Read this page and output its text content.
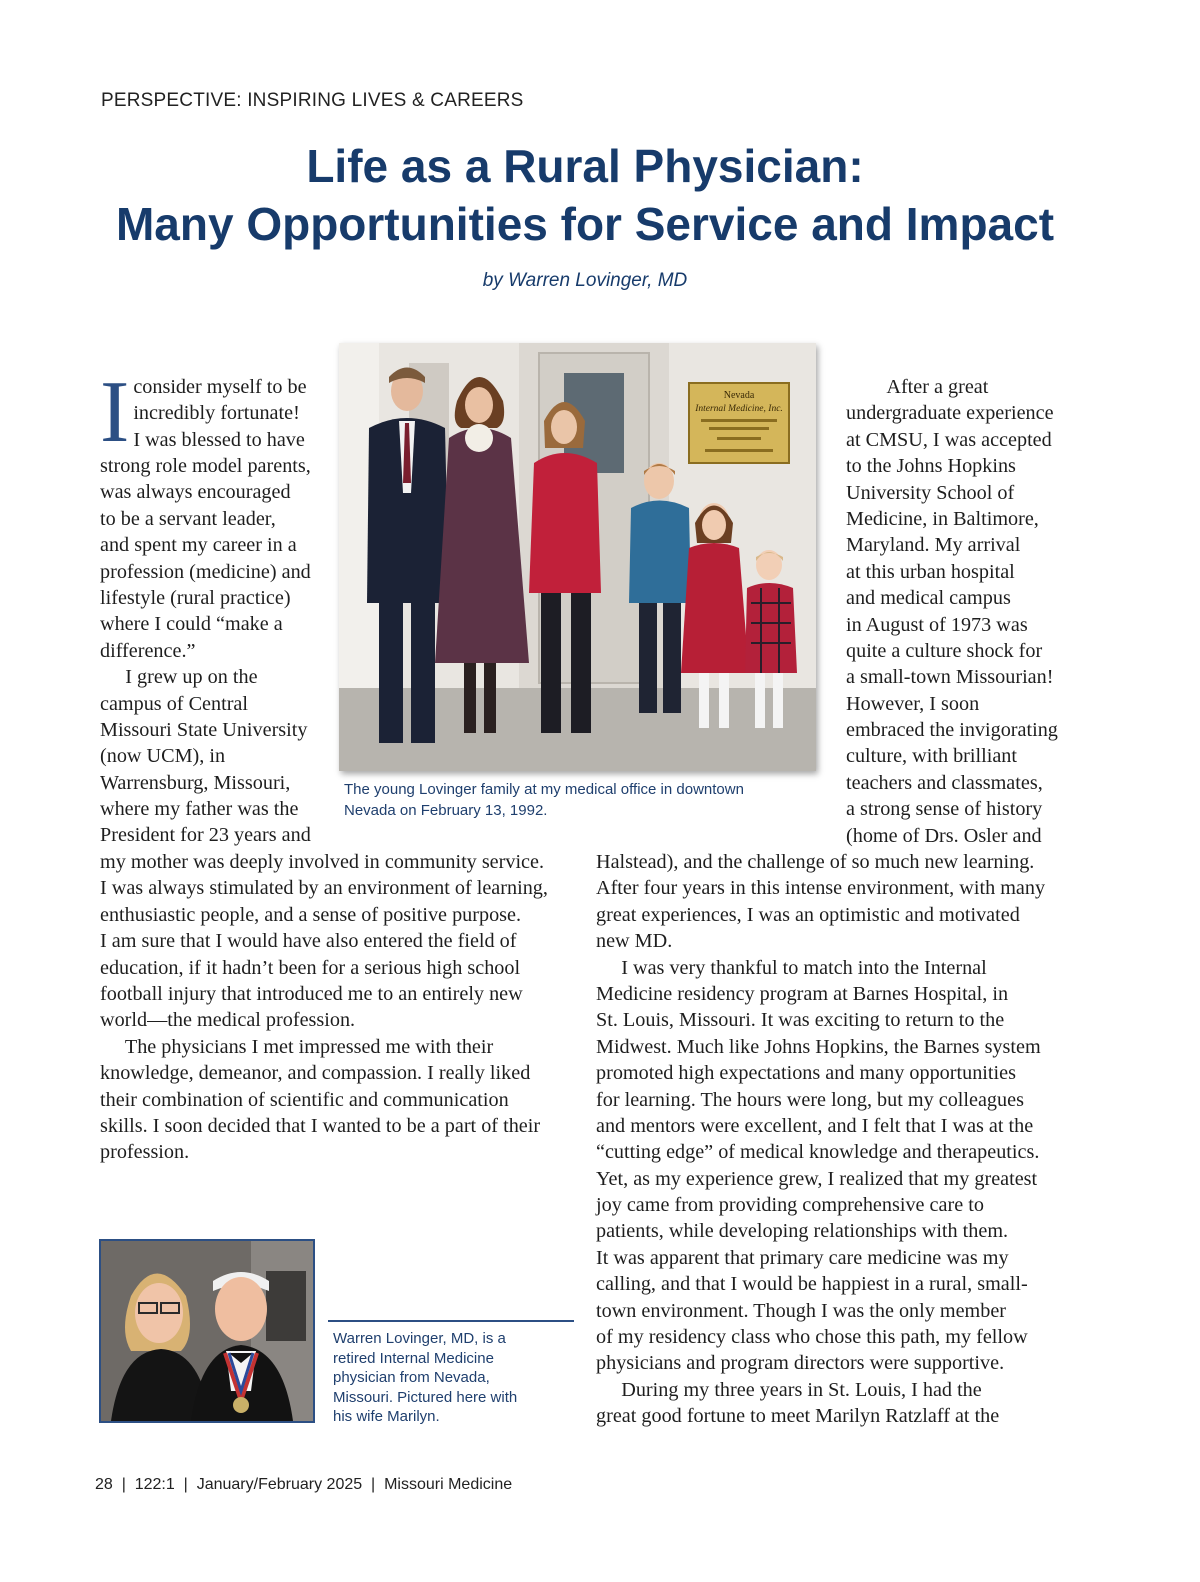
PERSPECTIVE: INSPIRING LIVES & CAREERS
Life as a Rural Physician:
Many Opportunities for Service and Impact
by Warren Lovinger, MD
I consider myself to be
incredibly fortunate!
I was blessed to have
strong role model parents,
was always encouraged
to be a servant leader,
and spent my career in a
profession (medicine) and
lifestyle (rural practice)
where I could “make a
difference.”
  I grew up on the
campus of Central
Missouri State University
(now UCM), in
Warrensburg, Missouri,
where my father was the
President for 23 years and
my mother was deeply involved in community service.
I was always stimulated by an environment of learning,
enthusiastic people, and a sense of positive purpose.
I am sure that I would have also entered the field of
education, if it hadn’t been for a serious high school
football injury that introduced me to an entirely new
world—the medical profession.
  The physicians I met impressed me with their
knowledge, demeanor, and compassion. I really liked
their combination of scientific and communication
skills. I soon decided that I wanted to be a part of their
profession.
  After a great
undergraduate experience
at CMSU, I was accepted
to the Johns Hopkins
University School of
Medicine, in Baltimore,
Maryland. My arrival
at this urban hospital
and medical campus
in August of 1973 was
quite a culture shock for
a small-town Missourian!
However, I soon
embraced the invigorating
culture, with brilliant
teachers and classmates,
a strong sense of history
(home of Drs. Osler and
Halstead), and the challenge of so much new learning.
After four years in this intense environment, with many
great experiences, I was an optimistic and motivated
new MD.
  I was very thankful to match into the Internal
Medicine residency program at Barnes Hospital, in
St. Louis, Missouri. It was exciting to return to the
Midwest. Much like Johns Hopkins, the Barnes system
promoted high expectations and many opportunities
for learning. The hours were long, but my colleagues
and mentors were excellent, and I felt that I was at the
“cutting edge” of medical knowledge and therapeutics.
Yet, as my experience grew, I realized that my greatest
joy came from providing comprehensive care to
patients, while developing relationships with them.
It was apparent that primary care medicine was my
calling, and that I would be happiest in a rural, small-
town environment. Though I was the only member
of my residency class who chose this path, my fellow
physicians and program directors were supportive.
  During my three years in St. Louis, I had the
great good fortune to meet Marilyn Ratzlaff at the
Nevada
Internal Medicine, Inc.
The young Lovinger family at my medical office in downtown
Nevada on February 13, 1992.
Warren Lovinger, MD, is a
retired Internal Medicine
physician from Nevada,
Missouri. Pictured here with
his wife Marilyn.
28  |  122:1  |  January/February 2025  |  Missouri Medicine
